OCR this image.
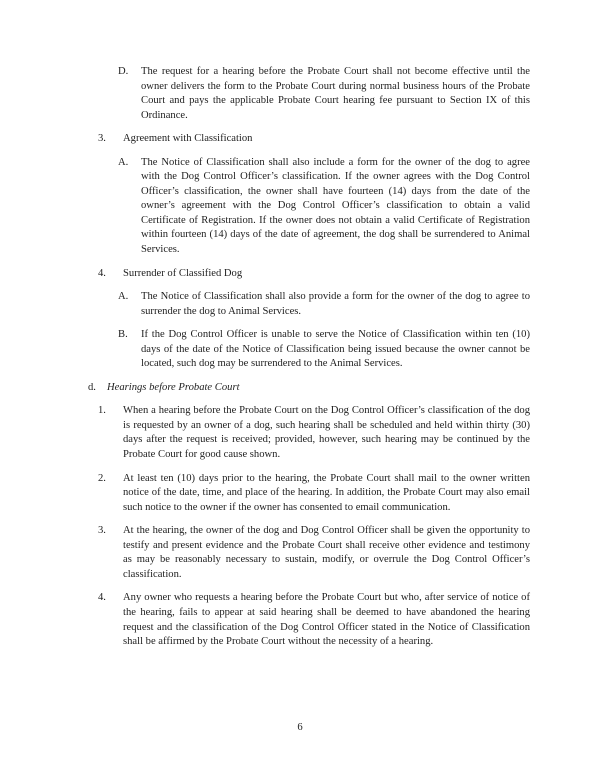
D.	The request for a hearing before the Probate Court shall not become effective until the owner delivers the form to the Probate Court during normal business hours of the Probate Court and pays the applicable Probate Court hearing fee pursuant to Section IX of this Ordinance.
3.	Agreement with Classification
A.	The Notice of Classification shall also include a form for the owner of the dog to agree with the Dog Control Officer’s classification. If the owner agrees with the Dog Control Officer’s classification, the owner shall have fourteen (14) days from the date of the owner’s agreement with the Dog Control Officer’s classification to obtain a valid Certificate of Registration. If the owner does not obtain a valid Certificate of Registration within fourteen (14) days of the date of agreement, the dog shall be surrendered to Animal Services.
4.	Surrender of Classified Dog
A.	The Notice of Classification shall also provide a form for the owner of the dog to agree to surrender the dog to Animal Services.
B.	If the Dog Control Officer is unable to serve the Notice of Classification within ten (10) days of the date of the Notice of Classification being issued because the owner cannot be located, such dog may be surrendered to the Animal Services.
d.	Hearings before Probate Court
1.	When a hearing before the Probate Court on the Dog Control Officer’s classification of the dog is requested by an owner of a dog, such hearing shall be scheduled and held within thirty (30) days after the request is received; provided, however, such hearing may be continued by the Probate Court for good cause shown.
2.	At least ten (10) days prior to the hearing, the Probate Court shall mail to the owner written notice of the date, time, and place of the hearing. In addition, the Probate Court may also email such notice to the owner if the owner has consented to email communication.
3.	At the hearing, the owner of the dog and Dog Control Officer shall be given the opportunity to testify and present evidence and the Probate Court shall receive other evidence and testimony as may be reasonably necessary to sustain, modify, or overrule the Dog Control Officer’s classification.
4.	Any owner who requests a hearing before the Probate Court but who, after service of notice of the hearing, fails to appear at said hearing shall be deemed to have abandoned the hearing request and the classification of the Dog Control Officer stated in the Notice of Classification shall be affirmed by the Probate Court without the necessity of a hearing.
6
